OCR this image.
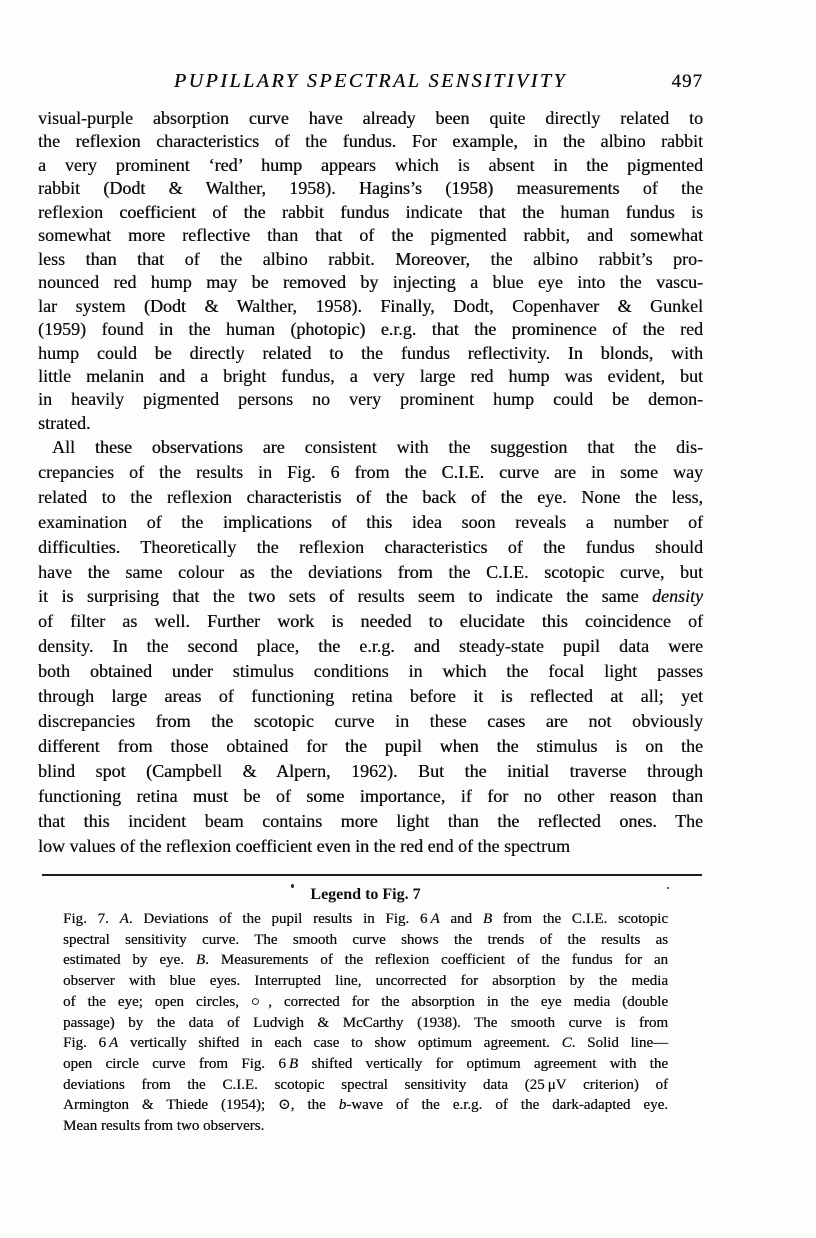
PUPILLARY SPECTRAL SENSITIVITY	497
visual-purple absorption curve have already been quite directly related to
the reflexion characteristics of the fundus. For example, in the albino rabbit
a very prominent ‘red’ hump appears which is absent in the pigmented
rabbit (Dodt & Walther, 1958). Hagins’s (1958) measurements of the
reflexion coefficient of the rabbit fundus indicate that the human fundus is
somewhat more reflective than that of the pigmented rabbit, and somewhat
less than that of the albino rabbit. Moreover, the albino rabbit’s pro-
nounced red hump may be removed by injecting a blue eye into the vascu-
lar system (Dodt & Walther, 1958). Finally, Dodt, Copenhaver & Gunkel
(1959) found in the human (photopic) e.r.g. that the prominence of the red
hump could be directly related to the fundus reflectivity. In blonds, with
little melanin and a bright fundus, a very large red hump was evident, but
in heavily pigmented persons no very prominent hump could be demon-
strated.
All these observations are consistent with the suggestion that the dis-
crepancies of the results in Fig. 6 from the C.I.E. curve are in some way
related to the reflexion characteristis of the back of the eye. None the less,
examination of the implications of this idea soon reveals a number of
difficulties. Theoretically the reflexion characteristics of the fundus should
have the same colour as the deviations from the C.I.E. scotopic curve, but
it is surprising that the two sets of results seem to indicate the same density
of filter as well. Further work is needed to elucidate this coincidence of
density. In the second place, the e.r.g. and steady-state pupil data were
both obtained under stimulus conditions in which the focal light passes
through large areas of functioning retina before it is reflected at all; yet
discrepancies from the scotopic curve in these cases are not obviously
different from those obtained for the pupil when the stimulus is on the
blind spot (Campbell & Alpern, 1962). But the initial traverse through
functioning retina must be of some importance, if for no other reason than
that this incident beam contains more light than the reflected ones. The
low values of the reflexion coefficient even in the red end of the spectrum
Legend to Fig. 7
Fig. 7. A. Deviations of the pupil results in Fig. 6 A and B from the C.I.E. scotopic
spectral sensitivity curve. The smooth curve shows the trends of the results as
estimated by eye. B. Measurements of the reflexion coefficient of the fundus for an
observer with blue eyes. Interrupted line, uncorrected for absorption by the media
of the eye; open circles, ○, corrected for the absorption in the eye media (double
passage) by the data of Ludvigh & McCarthy (1938). The smooth curve is from
Fig. 6 A vertically shifted in each case to show optimum agreement. C. Solid line—
open circle curve from Fig. 6 B shifted vertically for optimum agreement with the
deviations from the C.I.E. scotopic spectral sensitivity data (25 μV criterion) of
Armington & Thiede (1954); ⊙, the b-wave of the e.r.g. of the dark-adapted eye.
Mean results from two observers.
